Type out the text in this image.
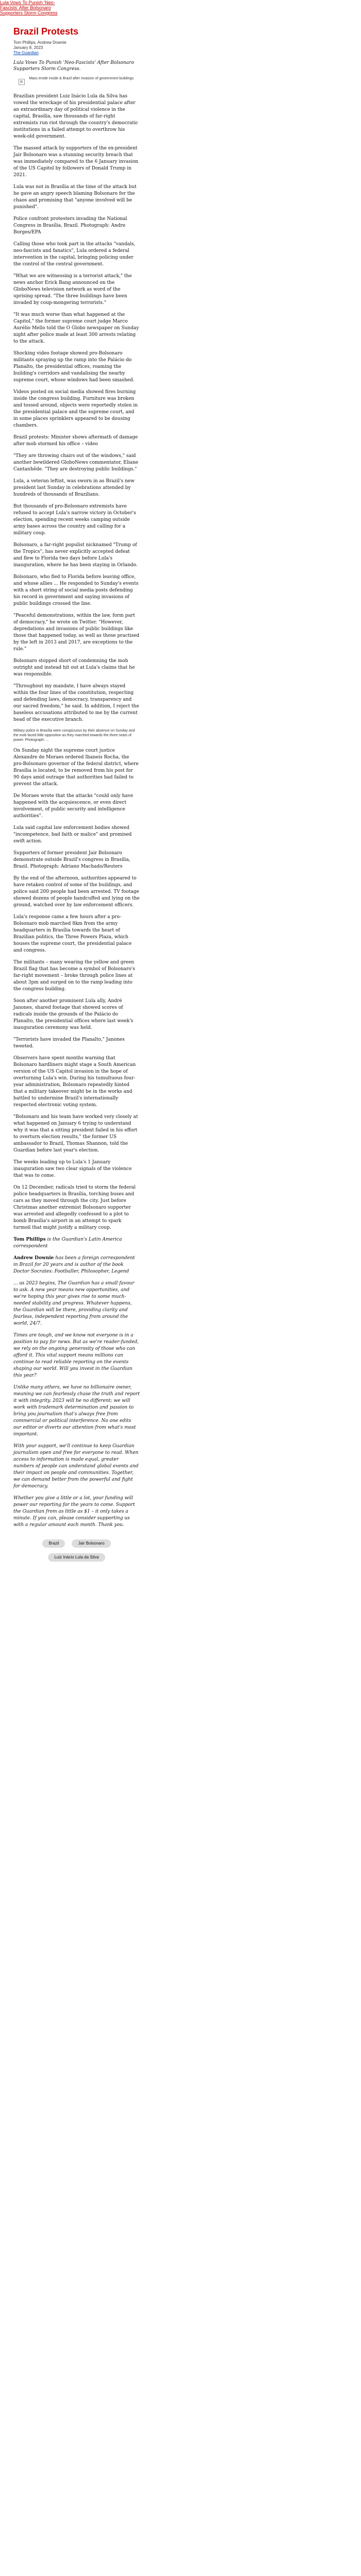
Lula Vows To Punish 'Neo-Fascists' After Bolsonaro Supporters Storm Congress
Brazil Protests
Tom Phillips, Andrew Downie
January 8, 2023
The Guardian
Lula Vows To Punish 'Neo-Fascists' After Bolsonaro Supporters Storm Congress.
Mass erode inside & Brazil after invasion of government buildings.

Brazilian president Luiz Inácio Lula da Silva has vowed the wreckage of his presidential palace after an extraordinary day of political violence in the capital, Brasília, saw thousands of far-right extremists run riot through the country's democratic institutions in a failed attempt to overthrow his week-old government.

The massed attack by supporters of the ex-president Jair Bolsonaro was a stunning security breach that was immediately compared to the 6 January invasion of the US Capitol by followers of Donald Trump in 2021.

Lula was not in Brasília at the time of the attack but he gave an angry speech blaming Bolsonaro for the chaos and promising that "anyone involved will be punished".

Police confront protesters invading the National Congress in Brasília, Brazil. Photograph: Andre Borges/EPA

Calling those who took part in the attacks "vandals, neo-fascists and fanatics", Lula ordered a federal intervention in the capital, bringing policing under the control of the central government.

"What we are witnessing is a terrorist attack," the news anchor Erick Bang announced on the GloboNews television network as word of the uprising spread. "The three buildings have been invaded by coup-mongering terrorists."

"It was much worse than what happened at the Capitol," the former supreme court judge Marco Aurélio Mello told the O Globo newspaper on Sunday night after police made at least 300 arrests relating to the attack.

Shocking video footage showed pro-Bolsonaro militants spraying up the ramp into the Palácio do Planalto, the presidential offices, roaming the building's corridors and vandalising the nearby supreme court, whose windows had been smashed.

Videos posted on social media showed fires burning inside the congress building. Furniture was broken and tossed around, objects were reportedly stolen in the presidential palace and the supreme court, and in some places sprinklers appeared to be dousing chambers.

Brazil protests: Minister shows aftermath of damage after mob stormed his office – video

"They are throwing chairs out of the windows," said another bewildered GloboNews commentator, Eliane Cantanhêde. "They are destroying public buildings."

Lula, a veteran leftist, was sworn in as Brazil's new president last Sunday in celebrations attended by hundreds of thousands of Brazilians.

But thousands of pro-Bolsonaro extremists have refused to accept Lula's narrow victory in October's election, spending recent weeks camping outside army bases across the country and calling for a military coup.

Bolsonaro, a far-right populist nicknamed "Trump of the Tropics", has never explicitly accepted defeat and flew to Florida two days before Lula's inauguration, where he has been staying in Orlando.

Bolsonaro, who fled to Florida before leaving office, and whose allies ... He responded to Sunday's events with a short string of social media posts defending his record in government and saying invasions of public buildings crossed the line.

"Peaceful demonstrations, within the law, form part of democracy," he wrote on Twitter. "However, depredations and invasions of public buildings like those that happened today, as well as those practised by the left in 2013 and 2017, are exceptions to the rule."

Bolsonaro stopped short of condemning the mob outright and instead hit out at Lula's claims that he was responsible.

"Throughout my mandate, I have always stayed within the four lines of the constitution, respecting and defending laws, democracy, transparency and our sacred freedom," he said. In addition, I reject the baseless accusations attributed to me by the current head of the executive branch.

Military police in Brasília were conspicuous by their absence on Sunday and the mob faced little opposition as they marched towards the three seats of power. Photograph: ...

On Sunday night the supreme court justice Alexandre de Moraes ordered Ibaneis Rocha, the pro-Bolsonaro governor of the federal district, where Brasília is located, to be removed from his post for 90 days amid outrage that authorities had failed to prevent the attack.

De Moraes wrote that the attacks "could only have happened with the acquiescence, or even direct involvement, of public security and intelligence authorities".

Lula said capital law enforcement bodies showed "incompetence, bad faith or malice" and promised swift action.

Supporters of former president Jair Bolsonaro demonstrate outside Brazil's congress in Brasília, Brazil. Photograph: Adriano Machado/Reuters

By the end of the afternoon, authorities appeared to have retaken control of some of the buildings, and police said 200 people had been arrested. TV footage showed dozens of people handcuffed and lying on the ground, watched over by law enforcement officers.

Lula's response came a few hours after a pro-Bolsonaro mob marched 8km from the army headquarters in Brasília towards the heart of Brazilian politics, the Three Powers Plaza, which houses the supreme court, the presidential palace and congress.

The militants – many wearing the yellow and green Brazil flag that has become a symbol of Bolsonaro's far-right movement – broke through police lines at about 3pm and surged on to the ramp leading into the congress building.

Soon after another prominent Lula ally, André Janones, shared footage that showed scores of radicals inside the grounds of the Palácio do Planalto, the presidential offices where last week's inauguration ceremony was held.

"Terrorists have invaded the Planalto," Janones tweeted.

Observers have spent months warning that Bolsonaro hardliners might stage a South American version of the US Capitol invasion in the hope of overturning Lula's win. During his tumultuous four-year administration, Bolsonaro repeatedly hinted that a military takeover might be in the works and battled to undermine Brazil's internationally respected electronic voting system.

"Bolsonaro and his team have worked very closely at what happened on January 6 trying to understand why it was that a sitting president failed in his effort to overturn election results," the former US ambassador to Brazil, Thomas Shannon, told the Guardian before last year's election.

The weeks leading up to Lula's 1 January inauguration saw two clear signals of the violence that was to come.

On 12 December, radicals tried to storm the federal police headquarters in Brasília, torching buses and cars as they moved through the city. Just before Christmas another extremist Bolsonaro supporter was arrested and allegedly confessed to a plot to bomb Brasília's airport in an attempt to spark turmoil that might justify a military coup.

Tom Phillips is the Guardian's Latin America correspondent

Andrew Downie has been a foreign correspondent in Brazil for 20 years and is author of the book Doctor Socrates: Footballer, Philosopher, Legend

... as 2023 begins, The Guardian has a small favour to ask. A new year means new opportunities, and we're hoping this year gives rise to some much-needed stability and progress. Whatever happens, the Guardian will be there, providing clarity and fearless, independent reporting from around the world, 24/7.

Times are tough, and we know not everyone is in a position to pay for news. But as we're reader-funded, we rely on the ongoing generosity of those who can afford it. This vital support means millions can continue to read reliable reporting on the events shaping our world. Will you invest in the Guardian this year?

Unlike many others, we have no billionaire owner, meaning we can fearlessly chase the truth and report it with integrity. 2023 will be no different; we will work with trademark determination and passion to bring you journalism that's always free from commercial or political interference. No one edits our editor or diverts our attention from what's most important.

With your support, we'll continue to keep Guardian journalism open and free for everyone to read. When access to information is made equal, greater numbers of people can understand global events and their impact on people and communities. Together, we can demand better from the powerful and fight for democracy.

Whether you give a little or a lot, your funding will power our reporting for the years to come. Support the Guardian from as little as $1 – it only takes a minute. If you can, please consider supporting us with a regular amount each month. Thank you.

Brazil	Jair Bolsonaro
Luiz Inácio Lula da Silva
